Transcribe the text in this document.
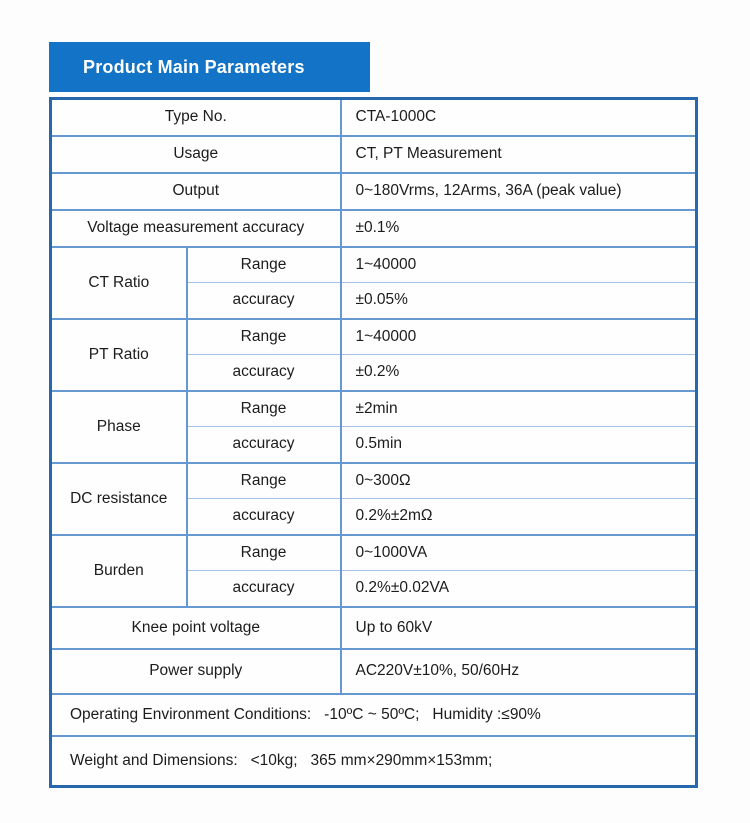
Product Main Parameters
Type No.		CTA-1000C
Usage		CT, PT Measurement
Output		0~180Vrms, 12Arms, 36A (peak value)
Voltage measurement accuracy		±0.1%
CT Ratio	Range	1~40000
	accuracy	±0.05%
PT Ratio	Range	1~40000
	accuracy	±0.2%
Phase	Range	±2min
	accuracy	0.5min
DC resistance	Range	0~300Ω
	accuracy	0.2%±2mΩ
Burden	Range	0~1000VA
	accuracy	0.2%±0.02VA
Knee point voltage		Up to 60kV
Power supply		AC220V±10%, 50/60Hz
Operating Environment Conditions:   -10ºC ~ 50ºC;   Humidity :≤90%		
Weight and Dimensions:   <10kg;   365 mm×290mm×153mm;		
